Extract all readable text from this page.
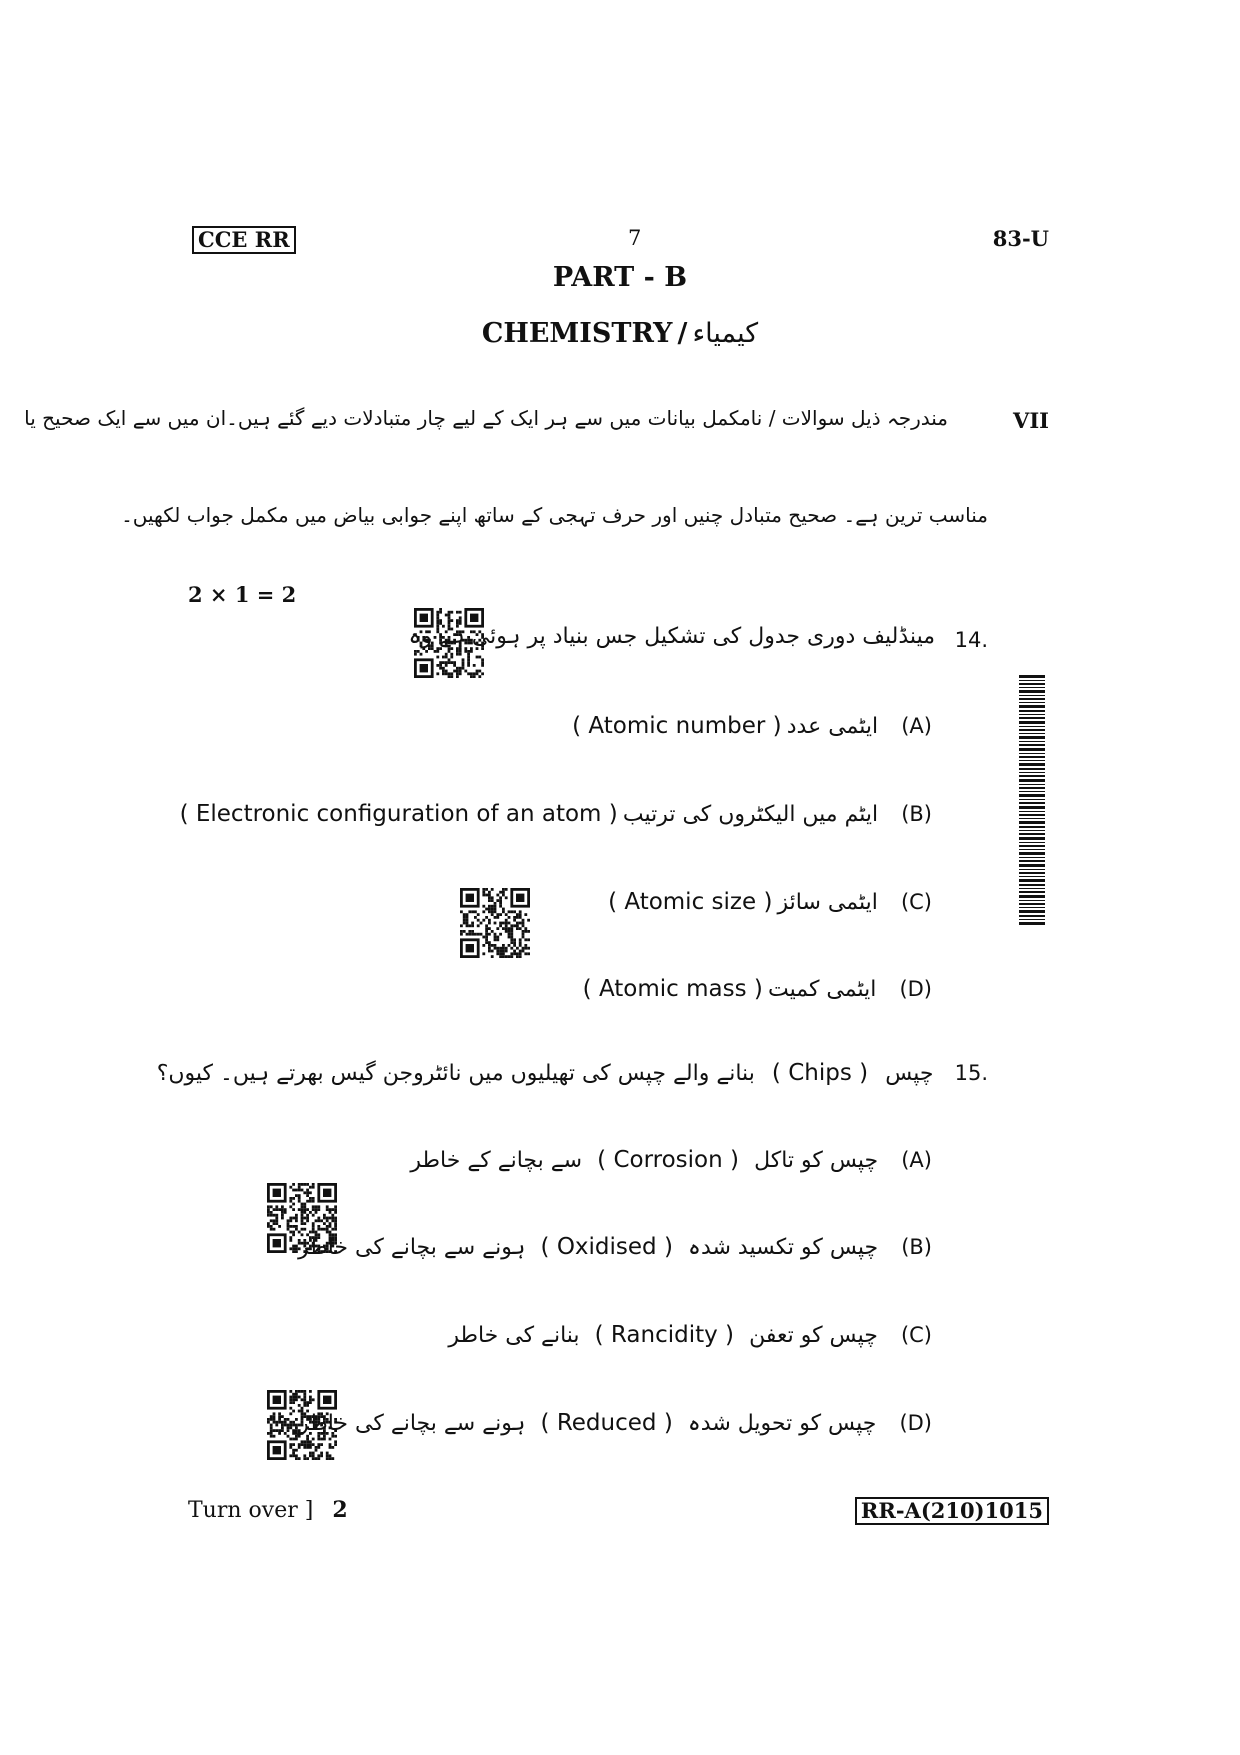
CCE RR	7	83-U
PART - B
CHEMISTRY / کیمیاء
VII
مندرجہ ذیل سوالات / نامکمل بیانات میں سے ہر ایک کے لیے چار متبادلات دیے گئے ہیں۔ان میں سے ایک صحیح یا
مناسب ترین ہے۔ صحیح متبادل چنیں اور حرف تہجی کے ساتھ اپنے جوابی بیاض میں مکمل جواب لکھیں۔
2 × 1 = 2
14.
مینڈلیف دوری جدول کی تشکیل جس بنیاد پر ہوئی ہے وہ
( Atomic number ) ایٹمی عدد (A)
( Electronic configuration of an atom ) ایٹم میں الیکٹروں کی ترتیب (B)
( Atomic size ) ایٹمی سائز (C)
( Atomic mass ) ایٹمی کمیت (D)
بنانے والے چپس کی تھیلیوں میں نائٹروجن گیس بھرتے ہیں۔ کیوں؟ ( Chips ) چپس 15.
سے بچانے کے خاطر ( Corrosion ) چپس کو تاکل (A)
ہونے سے بچانے کی خاطر ( Oxidised ) چپس کو تکسید شدہ (B)
بنانے کی خاطر ( Rancidity ) چپس کو تعفن (C)
ہونے سے بچانے کی خاطر ( Reduced ) چپس کو تحویل شدہ (D)
Turn over ] 2	RR-A(210)1015
